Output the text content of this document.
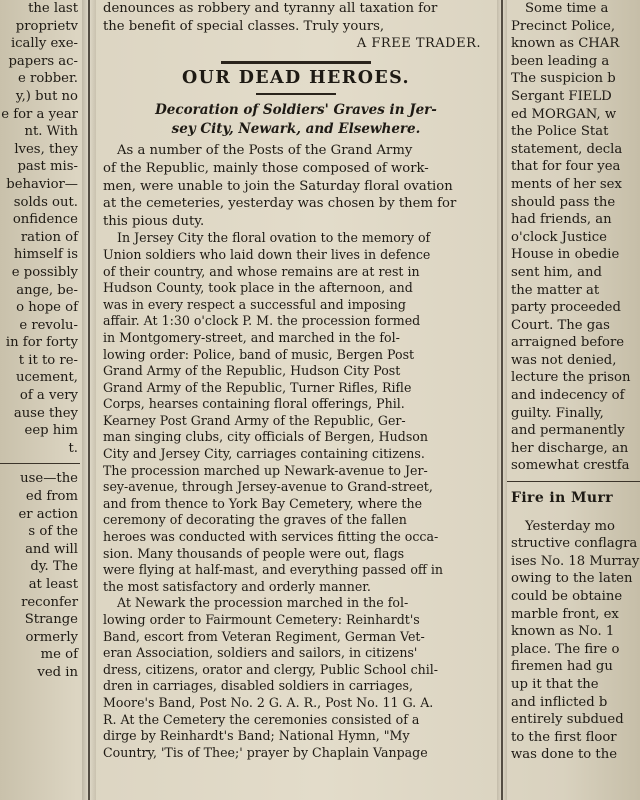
the last
proprietv
ically exe-
papers ac-
e robber.
y,) but no
e for a year
nt. With
lves, they
past mis-
behavior—
solds out.
onfidence
ration of
himself is
e possibly
ange, be-
o hope of
e revolu-
in for forty
t it to re-
ucement,
of a very
ause they
eep him
t.
use—the
ed from
er action
s of the
and will
dy. The
at least
reconfer
Strange
ormerly
me of
ved in
denounces as robbery and tyranny all taxation for
the benefit of special classes. Truly yours,
A FREE TRADER.
OUR DEAD HEROES.
Decoration of Soldiers' Graves in Jer-
sey City, Newark, and Elsewhere.
As a number of the Posts of the Grand Army
of the Republic, mainly those composed of work-
men, were unable to join the Saturday floral ovation
at the cemeteries, yesterday was chosen by them for
this pious duty.
In Jersey City the floral ovation to the memory of
Union soldiers who laid down their lives in defence
of their country, and whose remains are at rest in
Hudson County, took place in the afternoon, and
was in every respect a successful and imposing
affair. At 1:30 o'clock P. M. the procession formed
in Montgomery-street, and marched in the fol-
lowing order: Police, band of music, Bergen Post
Grand Army of the Republic, Hudson City Post
Grand Army of the Republic, Turner Rifles, Rifle
Corps, hearses containing floral offerings, Phil.
Kearney Post Grand Army of the Republic, Ger-
man singing clubs, city officials of Bergen, Hudson
City and Jersey City, carriages containing citizens.
The procession marched up Newark-avenue to Jer-
sey-avenue, through Jersey-avenue to Grand-street,
and from thence to York Bay Cemetery, where the
ceremony of decorating the graves of the fallen
heroes was conducted with services fitting the occa-
sion. Many thousands of people were out, flags
were flying at half-mast, and everything passed off in
the most satisfactory and orderly manner.
At Newark the procession marched in the fol-
lowing order to Fairmount Cemetery: Reinhardt's
Band, escort from Veteran Regiment, German Vet-
eran Association, soldiers and sailors, in citizens'
dress, citizens, orator and clergy, Public School chil-
dren in carriages, disabled soldiers in carriages,
Moore's Band, Post No. 2 G. A. R., Post No. 11 G. A.
R. At the Cemetery the ceremonies consisted of a
dirge by Reinhardt's Band; National Hymn, "My
Country, 'Tis of Thee;' prayer by Chaplain Vanpage
Some time a
Precinct Police,
known as CHAR
been leading a
The suspicion b
Sergant FIELD
ed MORGAN, w
the Police Stat
statement, decla
that for four yea
ments of her sex
should pass the
had friends, an
o'clock Justice
House in obedie
sent him, and
the matter at
party proceeded
Court. The gas
arraigned before
was not denied,
lecture the prison
and indecency of
guilty. Finally,
and permanently
her discharge, an
somewhat crestfa
Fire in Murr
Yesterday mo
structive conflagra
ises No. 18 Murray
owing to the laten
could be obtaine
marble front, ex
known as No. 1
place. The fire o
firemen had gu
up it that the
and inflicted b
entirely subdued
to the first floor
was done to the
